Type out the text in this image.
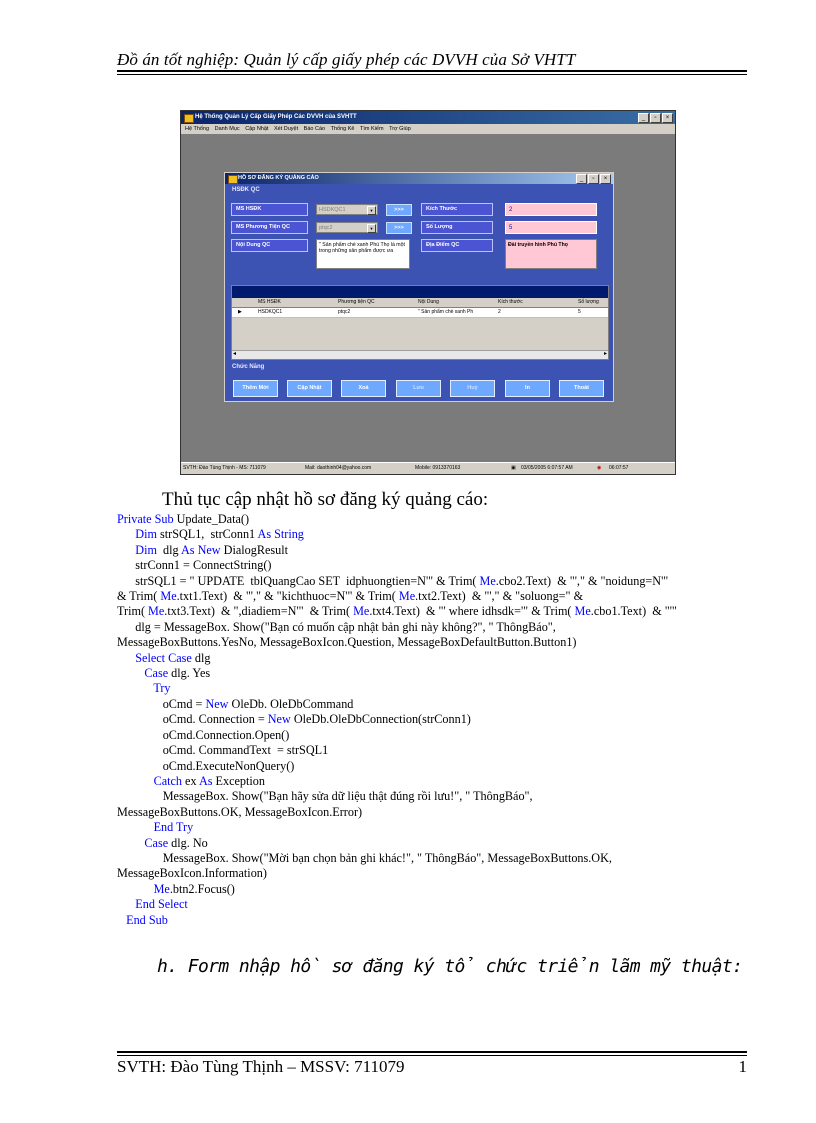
Đồ án tốt nghiệp: Quản lý cấp giấy phép các DVVH của Sở VHTT
Hệ Thống Quản Lý Cấp Giấy Phép Các DVVH của SVHTT	_	▫	×
Hệ Thống Danh Mục Cập Nhật Xét Duyệt Báo Cáo Thống Kê Tìm Kiếm Trợ Giúp
HỒ SƠ ĐĂNG KÝ QUẢNG CÁO	_	▫	×
HSĐK QC
MS HSĐK	HSDKQC1	▼	>>>
MS Phương Tiện QC	ptqc2	▼	>>>
Nội Dung QC	" Sản phẩm chè xanh Phú Thọ là một trong những sản phẩm được ưa
Kích Thước	2
Số Lượng	5
Địa Điểm QC	Đài truyền hình Phú Thọ
MS HSĐK	Phương tiện QC	Nội Dung	Kích thước	Số lượng
▶	HSDKQC1	ptqc2	" Sản phẩm chè xanh Ph	2	5
◂	▸
Chức Năng
Thêm Mới	Cập Nhật	Xoá	Lưu	Huỷ	In	Thoát
SVTH: Đào Tùng Thịnh - MS: 711079	Mail: daothinh04@yahoo.com	Mobile: 0913370163	▣ 03/05/2005 6:07:57 AM	◉ 06:07:57
Thủ tục cập nhật hồ sơ đăng ký quảng cáo:
Private Sub Update_Data()
Dim strSQL1,  strConn1 As String
Dim  dlg As New DialogResult
strConn1 = ConnectString()
strSQL1 = " UPDATE  tblQuangCao SET  idphuongtien=N'" & Trim( Me.cbo2.Text)  & "'," & "noidung=N'"
& Trim( Me.txt1.Text)  & "'," & "kichthuoc=N'" & Trim( Me.txt2.Text)  & "'," & "soluong=" &
Trim( Me.txt3.Text)  & ",diadiem=N'"  & Trim( Me.txt4.Text)  & "' where idhsdk='" & Trim( Me.cbo1.Text)  & "'"
dlg = MessageBox. Show("Bạn có muốn cập nhật bản ghi này không?", " ThôngBáo",
MessageBoxButtons.YesNo, MessageBoxIcon.Question, MessageBoxDefaultButton.Button1)
Select Case dlg
Case dlg. Yes
Try
oCmd = New OleDb. OleDbCommand
oCmd. Connection = New OleDb.OleDbConnection(strConn1)
oCmd.Connection.Open()
oCmd. CommandText  = strSQL1
oCmd.ExecuteNonQuery()
Catch ex As Exception
MessageBox. Show("Bạn hãy sửa dữ liệu thật đúng rồi lưu!", " ThôngBáo",
MessageBoxButtons.OK, MessageBoxIcon.Error)
End Try
Case dlg. No
MessageBox. Show("Mời bạn chọn bản ghi khác!", " ThôngBáo", MessageBoxButtons.OK,
MessageBoxIcon.Information)
Me.btn2.Focus()
End Select
End Sub
h. Form nhập hồ sơ đăng ký tổ chức triển lãm mỹ thuật:
SVTH: Đào Tùng Thịnh – MSSV: 711079	1
